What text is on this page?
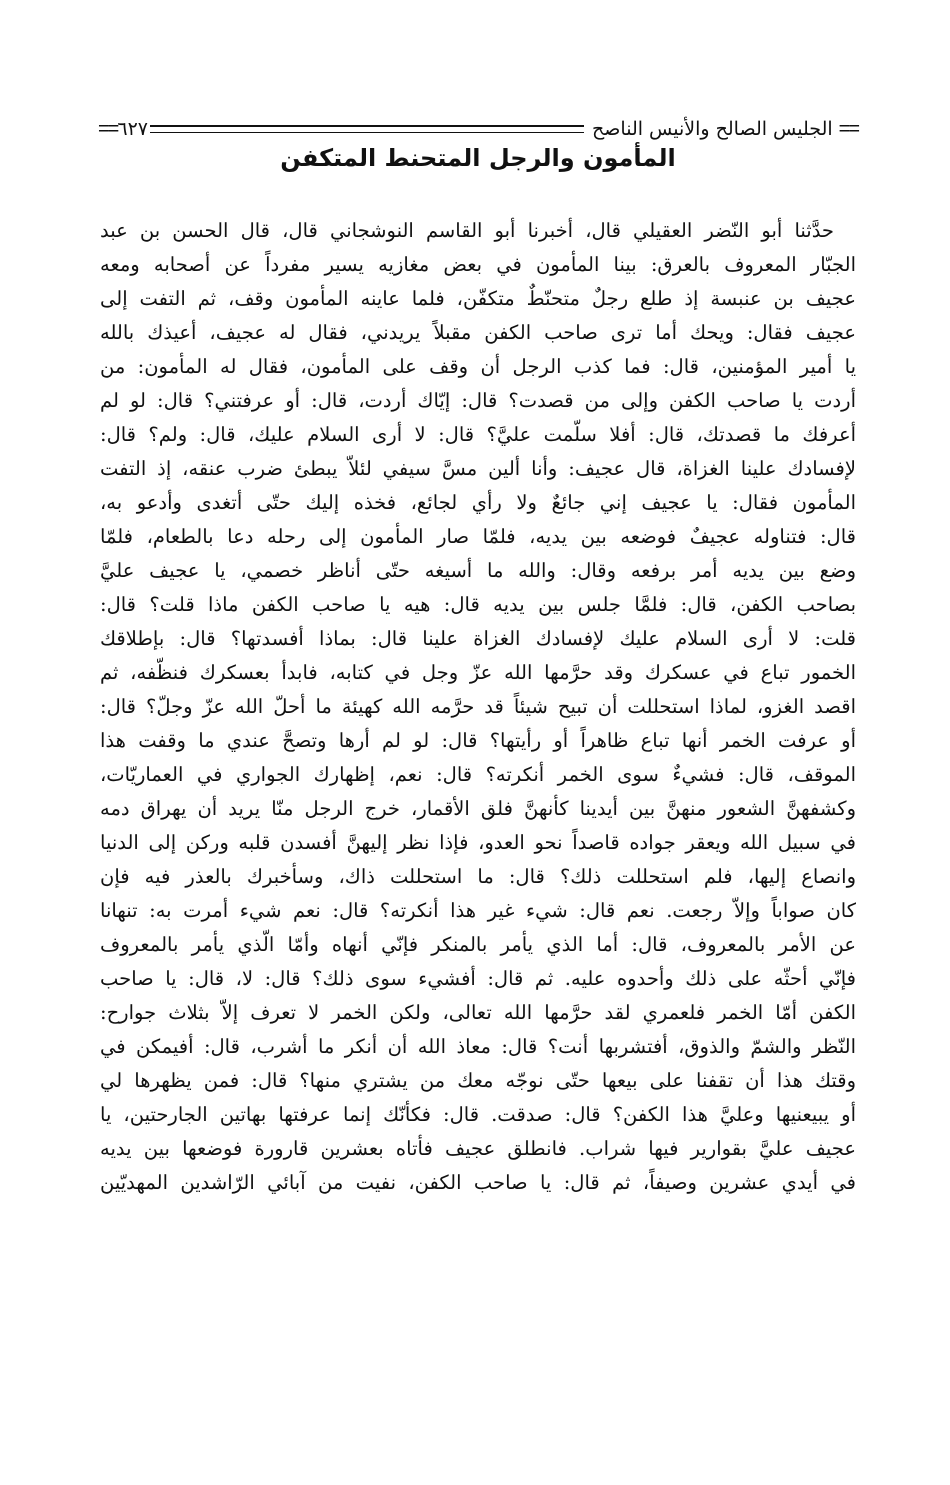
==
الجليس الصالح والأنيس الناصح
٦٢٧
==
المأمون والرجل المتحنط المتكفن
حدَّثنا أبو النّضر العقيلي قال، أخبرنا أبو القاسم النوشجاني قال، قال الحسن بن عبد
الجبّار المعروف بالعرق: بينا المأمون في بعض مغازيه يسير مفرداً عن أصحابه ومعه
عجيف بن عنبسة إذ طلع رجلٌ متحنّطٌ متكفّن، فلما عاينه المأمون وقف، ثم التفت إلى
عجيف فقال: ويحك أما ترى صاحب الكفن مقبلاً يريدني، فقال له عجيف، أعيذك بالله
يا أمير المؤمنين، قال: فما كذب الرجل أن وقف على المأمون، فقال له المأمون: من
أردت يا صاحب الكفن وإلى من قصدت؟ قال: إيّاك أردت، قال: أو عرفتني؟ قال: لو لم
أعرفك ما قصدتك، قال: أفلا سلّمت عليَّ؟ قال: لا أرى السلام عليك، قال: ولم؟ قال:
لإفسادك علينا الغزاة، قال عجيف: وأنا ألين مسَّ سيفي لئلاّ يبطئ ضرب عنقه، إذ التفت
المأمون فقال: يا عجيف إني جائعٌ ولا رأي لجائع، فخذه إليك حتّى أتغدى وأدعو به،
قال: فتناوله عجيفٌ فوضعه بين يديه، فلمّا صار المأمون إلى رحله دعا بالطعام، فلمّا
وضع بين يديه أمر برفعه وقال: والله ما أسيغه حتّى أناظر خصمي، يا عجيف عليَّ
بصاحب الكفن، قال: فلمَّا جلس بين يديه قال: هيه يا صاحب الكفن ماذا قلت؟ قال:
قلت: لا أرى السلام عليك لإفسادك الغزاة علينا قال: بماذا أفسدتها؟ قال: بإطلاقك
الخمور تباع في عسكرك وقد حرَّمها الله عزّ وجل في كتابه، فابدأ بعسكرك فنظّفه، ثم
اقصد الغزو، لماذا استحللت أن تبيح شيئاً قد حرَّمه الله كهيئة ما أحلّ الله عزّ وجلّ؟ قال:
أو عرفت الخمر أنها تباع ظاهراً أو رأيتها؟ قال: لو لم أرها وتصحَّ عندي ما وقفت هذا
الموقف، قال: فشيءٌ سوى الخمر أنكرته؟ قال: نعم، إظهارك الجواري في العماريّات،
وكشفهنَّ الشعور منهنَّ بين أيدينا كأنهنَّ فلق الأقمار، خرج الرجل منّا يريد أن يهراق دمه
في سبيل الله ويعقر جواده قاصداً نحو العدو، فإذا نظر إليهنَّ أفسدن قلبه وركن إلى الدنيا
وانصاع إليها، فلم استحللت ذلك؟ قال: ما استحللت ذاك، وسأخبرك بالعذر فيه فإن
كان صواباً وإلاّ رجعت. نعم قال: شيء غير هذا أنكرته؟ قال: نعم شيء أمرت به: تنهانا
عن الأمر بالمعروف، قال: أما الذي يأمر بالمنكر فإنّي أنهاه وأمّا الّذي يأمر بالمعروف
فإنّي أحثّه على ذلك وأحدوه عليه. ثم قال: أفشيء سوى ذلك؟ قال: لا، قال: يا صاحب
الكفن أمّا الخمر فلعمري لقد حرَّمها الله تعالى، ولكن الخمر لا تعرف إلاّ بثلاث جوارح:
النّظر والشمّ والذوق، أفتشربها أنت؟ قال: معاذ الله أن أنكر ما أشرب، قال: أفيمكن في
وقتك هذا أن تقفنا على بيعها حتّى نوجّه معك من يشتري منها؟ قال: فمن يظهرها لي
أو يبيعنيها وعليَّ هذا الكفن؟ قال: صدقت. قال: فكأنّك إنما عرفتها بهاتين الجارحتين، يا
عجيف عليَّ بقوارير فيها شراب. فانطلق عجيف فأتاه بعشرين قارورة فوضعها بين يديه
في أيدي عشرين وصيفاً، ثم قال: يا صاحب الكفن، نفيت من آبائي الرّاشدين المهديّين
